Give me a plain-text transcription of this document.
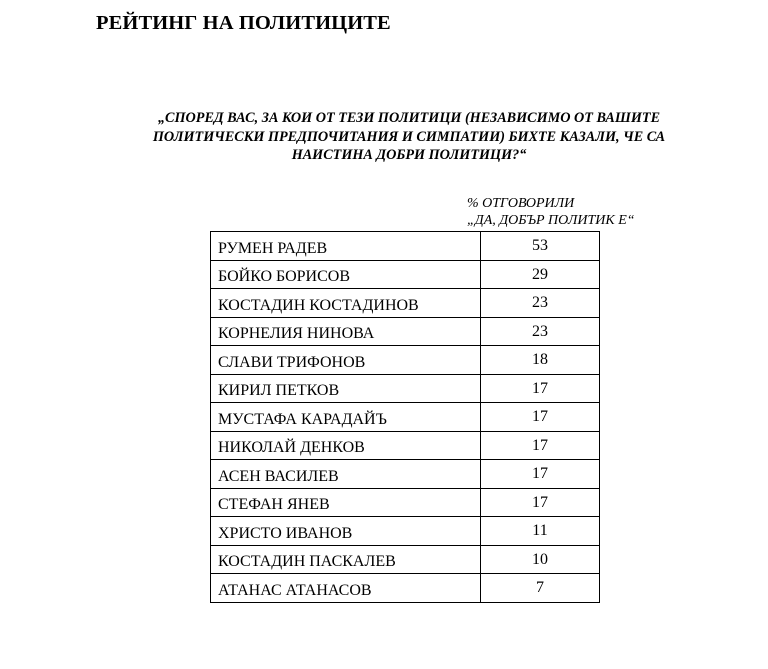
РЕЙТИНГ НА ПОЛИТИЦИТЕ
„СПОРЕД ВАС, ЗА КОИ ОТ ТЕЗИ ПОЛИТИЦИ (НЕЗАВИСИМО ОТ ВАШИТЕ
ПОЛИТИЧЕСКИ ПРЕДПОЧИТАНИЯ И СИМПАТИИ) БИХТЕ КАЗАЛИ, ЧЕ СА
НАИСТИНА ДОБРИ ПОЛИТИЦИ?“
% ОТГОВОРИЛИ
„ДА, ДОБЪР ПОЛИТИК Е“
РУМЕН РАДЕВ	53
БОЙКО БОРИСОВ	29
КОСТАДИН КОСТАДИНОВ	23
КОРНЕЛИЯ НИНОВА	23
СЛАВИ ТРИФОНОВ	18
КИРИЛ ПЕТКОВ	17
МУСТАФА КАРАДАЙЪ	17
НИКОЛАЙ ДЕНКОВ	17
АСЕН ВАСИЛЕВ	17
СТЕФАН ЯНЕВ	17
ХРИСТО ИВАНОВ	11
КОСТАДИН ПАСКАЛЕВ	10
АТАНАС АТАНАСОВ	7
